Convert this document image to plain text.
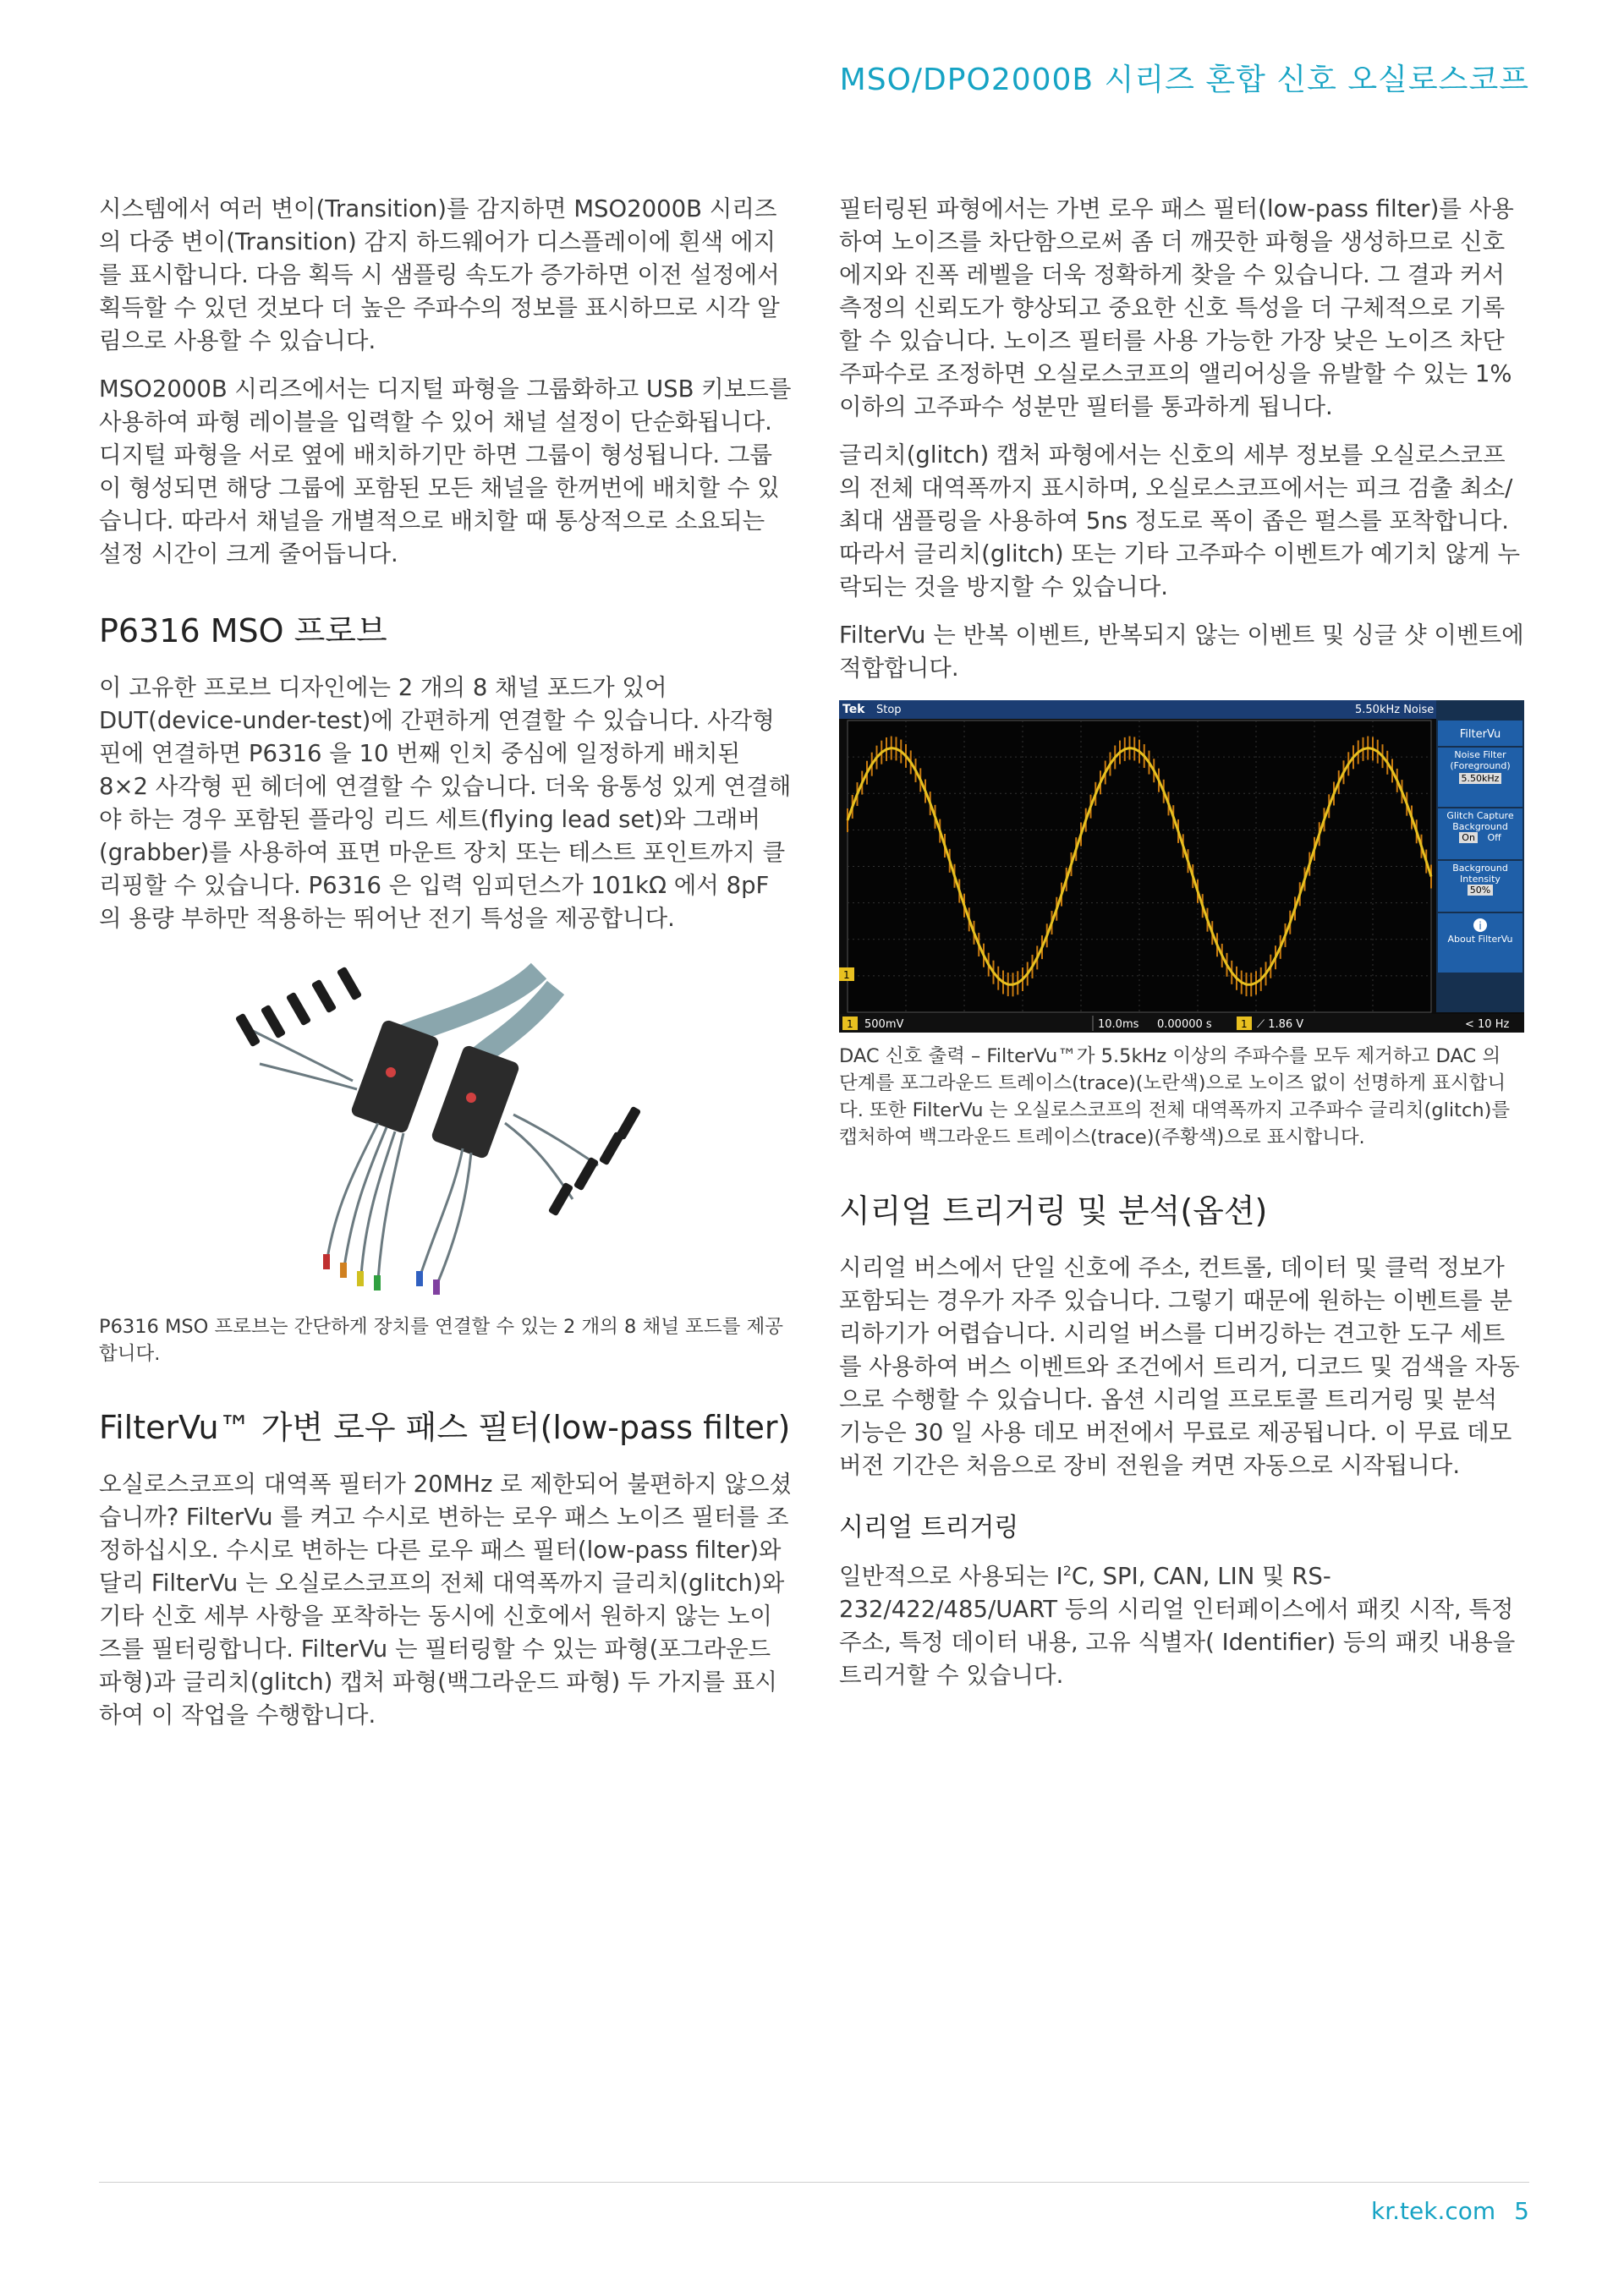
MSO/DPO2000B 시리즈 혼합 신호 오실로스코프

시스템에서 여러 변이(Transition)를 감지하면 MSO2000B 시리즈의 다중 변이(Transition) 감지 하드웨어가 디스플레이에 흰색 에지를 표시합니다. 다음 획득 시 샘플링 속도가 증가하면 이전 설정에서 획득할 수 있던 것보다 더 높은 주파수의 정보를 표시하므로 시각 알림으로 사용할 수 있습니다.

MSO2000B 시리즈에서는 디지털 파형을 그룹화하고 USB 키보드를 사용하여 파형 레이블을 입력할 수 있어 채널 설정이 단순화됩니다. 디지털 파형을 서로 옆에 배치하기만 하면 그룹이 형성됩니다. 그룹이 형성되면 해당 그룹에 포함된 모든 채널을 한꺼번에 배치할 수 있습니다. 따라서 채널을 개별적으로 배치할 때 통상적으로 소요되는 설정 시간이 크게 줄어듭니다.

P6316 MSO 프로브

이 고유한 프로브 디자인에는 2 개의 8 채널 포드가 있어 DUT(device-under-test)에 간편하게 연결할 수 있습니다. 사각형 핀에 연결하면 P6316 을 10 번째 인치 중심에 일정하게 배치된 8×2 사각형 핀 헤더에 연결할 수 있습니다. 더욱 융통성 있게 연결해야 하는 경우 포함된 플라잉 리드 세트(flying lead set)와 그래버(grabber)를 사용하여 표면 마운트 장치 또는 테스트 포인트까지 클리핑할 수 있습니다. P6316 은 입력 임피던스가 101kΩ 에서 8pF 의 용량 부하만 적용하는 뛰어난 전기 특성을 제공합니다.

P6316 MSO 프로브는 간단하게 장치를 연결할 수 있는 2 개의 8 채널 포드를 제공합니다.

FilterVu™ 가변 로우 패스 필터(low-pass filter)

오실로스코프의 대역폭 필터가 20MHz 로 제한되어 불편하지 않으셨습니까? FilterVu 를 켜고 수시로 변하는 로우 패스 노이즈 필터를 조정하십시오. 수시로 변하는 다른 로우 패스 필터(low-pass filter)와 달리 FilterVu 는 오실로스코프의 전체 대역폭까지 글리치(glitch)와 기타 신호 세부 사항을 포착하는 동시에 신호에서 원하지 않는 노이즈를 필터링합니다. FilterVu 는 필터링할 수 있는 파형(포그라운드 파형)과 글리치(glitch) 캡처 파형(백그라운드 파형) 두 가지를 표시하여 이 작업을 수행합니다.

필터링된 파형에서는 가변 로우 패스 필터(low-pass filter)를 사용하여 노이즈를 차단함으로써 좀 더 깨끗한 파형을 생성하므로 신호 에지와 진폭 레벨을 더욱 정확하게 찾을 수 있습니다. 그 결과 커서 측정의 신뢰도가 향상되고 중요한 신호 특성을 더 구체적으로 기록할 수 있습니다. 노이즈 필터를 사용 가능한 가장 낮은 노이즈 차단 주파수로 조정하면 오실로스코프의 앨리어싱을 유발할 수 있는 1% 이하의 고주파수 성분만 필터를 통과하게 됩니다.

글리치(glitch) 캡처 파형에서는 신호의 세부 정보를 오실로스코프의 전체 대역폭까지 표시하며, 오실로스코프에서는 피크 검출 최소/최대 샘플링을 사용하여 5ns 정도로 폭이 좁은 펄스를 포착합니다. 따라서 글리치(glitch) 또는 기타 고주파수 이벤트가 예기치 않게 누락되는 것을 방지할 수 있습니다.

FilterVu 는 반복 이벤트, 반복되지 않는 이벤트 및 싱글 샷 이벤트에 적합합니다.

Tek Stop	5.50kHz Noise
1
FilterVu
Noise Filter (Foreground)
5.50kHz
Glitch Capture Background
On Off
Background Intensity
50%
i
About FilterVu
1 500mV	10.0ms 0.00000 s	1 ⟋ 1.86 V	< 10 Hz

DAC 신호 출력 – FilterVu™가 5.5kHz 이상의 주파수를 모두 제거하고 DAC 의 단계를 포그라운드 트레이스(trace)(노란색)으로 노이즈 없이 선명하게 표시합니다. 또한 FilterVu 는 오실로스코프의 전체 대역폭까지 고주파수 글리치(glitch)를 캡처하여 백그라운드 트레이스(trace)(주황색)으로 표시합니다.

시리얼 트리거링 및 분석(옵션)

시리얼 버스에서 단일 신호에 주소, 컨트롤, 데이터 및 클럭 정보가 포함되는 경우가 자주 있습니다. 그렇기 때문에 원하는 이벤트를 분리하기가 어렵습니다. 시리얼 버스를 디버깅하는 견고한 도구 세트를 사용하여 버스 이벤트와 조건에서 트리거, 디코드 및 검색을 자동으로 수행할 수 있습니다. 옵션 시리얼 프로토콜 트리거링 및 분석 기능은 30 일 사용 데모 버전에서 무료로 제공됩니다. 이 무료 데모 버전 기간은 처음으로 장비 전원을 켜면 자동으로 시작됩니다.

시리얼 트리거링

일반적으로 사용되는 $I^2C$, SPI, CAN, LIN 및 RS-232/422/485/UART 등의 시리얼 인터페이스에서 패킷 시작, 특정 주소, 특정 데이터 내용, 고유 식별자( Identifier) 등의 패킷 내용을 트리거할 수 있습니다.

kr.tek.com 5
